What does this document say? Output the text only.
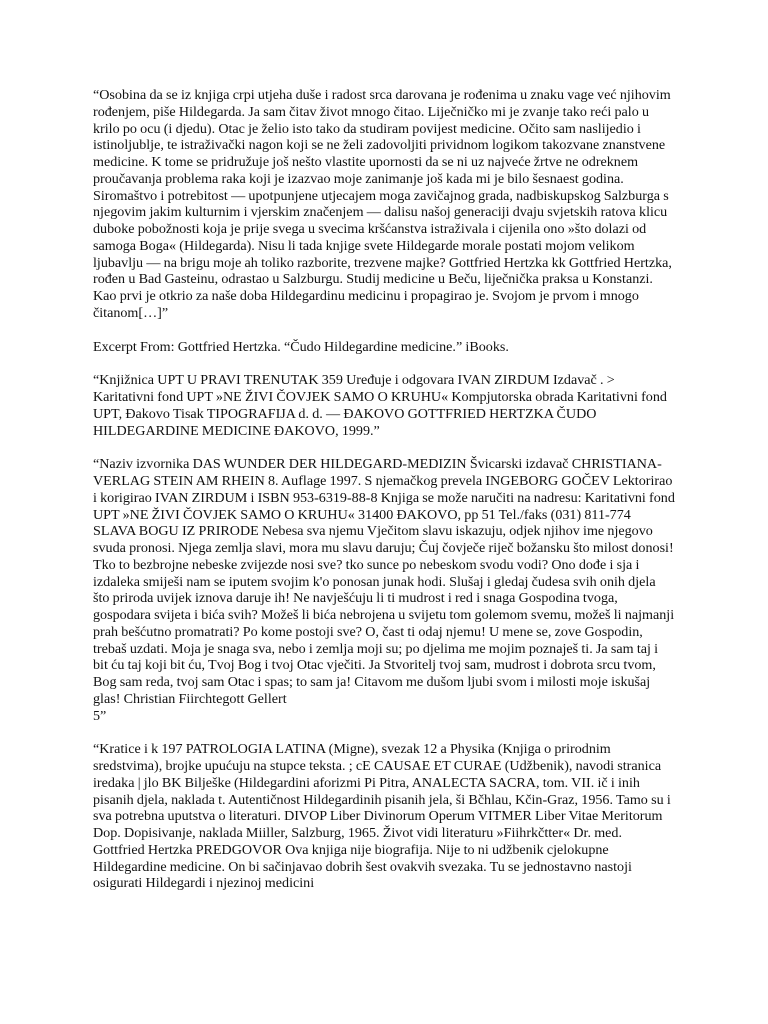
“Osobina da se iz knjiga crpi utjeha duše i radost srca darovana je rođenima u znaku vage već njihovim rođenjem, piše Hildegarda. Ja sam čitav život mnogo čitao. Liječničko mi je zvanje tako reći palo u krilo po ocu (i djedu). Otac je želio isto tako da studiram povijest medicine. Očito sam naslijedio i istinoljublje, te istraživački nagon koji se ne želi zadovoljiti prividnom logikom takozvane znanstvene medicine. K tome se pridružuje još nešto vlastite upornosti da se ni uz najveće žrtve ne odreknem proučavanja problema raka koji je izazvao moje zanimanje još kada mi je bilo šesnaest godina. Siromaštvo i potrebitost — upotpunjene utjecajem moga zavičajnog grada, nadbiskupskog Salzburga s njegovim jakim kulturnim i vjerskim značenjem — dalisu našoj generaciji dvaju svjetskih ratova klicu duboke pobožnosti koja je prije svega u svecima kršćanstva istraživala i cijenila ono »što dolazi od samoga Boga« (Hildegarda). Nisu li tada knjige svete Hildegarde morale postati mojom velikom ljubavlju — na brigu moje ah toliko razborite, trezvene majke? Gottfried Hertzka kk Gottfried Hertzka, rođen u Bad Gasteinu, odrastao u Salzburgu. Studij medicine u Beču, liječnička praksa u Konstanzi. Kao prvi je otkrio za naše doba Hildegardinu medicinu i propagirao je. Svojom je prvom i mnogo čitanom[…]”

Excerpt From: Gottfried Hertzka. “Čudo Hildegardine medicine.” iBooks.

“Knjižnica UPT U PRAVI TRENUTAK 359 Uređuje i odgovara IVAN ZIRDUM Izdavač . > Karitativni fond UPT »NE ŽIVI ČOVJEK SAMO O KRUHU« Kompjutorska obrada Karitativni fond UPT, Đakovo Tisak TIPOGRAFIJA d. d. — ĐAKOVO GOTTFRIED HERTZKA ČUDO HILDEGARDINE MEDICINE ĐAKOVO, 1999.”

“Naziv izvornika DAS WUNDER DER HILDEGARD-MEDIZIN Švicarski izdavač CHRISTIANA-VERLAG STEIN AM RHEIN 8. Auflage 1997. S njemačkog prevela INGEBORG GOČEV Lektorirao i korigirao IVAN ZIRDUM i ISBN 953-6319-88-8 Knjiga se može naručiti na nadresu: Karitativni fond UPT »NE ŽIVI ČOVJEK SAMO O KRUHU« 31400 ĐAKOVO, pp 51 Tel./faks (031) 811-774 SLAVA BOGU IZ PRIRODE Nebesa sva njemu Vječitom slavu iskazuju, odjek njihov ime njegovo svuda pronosi. Njega zemlja slavi, mora mu slavu daruju; Čuj čovječe riječ božansku što milost donosi! Tko to bezbrojne nebeske zvijezde nosi sve? tko sunce po nebeskom svodu vodi? Ono dođe i sja i izdaleka smiješi nam se iputem svojim k'o ponosan junak hodi. Slušaj i gledaj čudesa svih onih djela što priroda uvijek iznova daruje ih! Ne navješćuju li ti mudrost i red i snaga Gospodina tvoga, gospodara svijeta i bića svih? Možeš li bića nebrojena u svijetu tom golemom svemu, možeš li najmanji prah bešćutno promatrati? Po kome postoji sve? O, čast ti odaj njemu! U mene se, zove Gospodin, trebaš uzdati. Moja je snaga sva, nebo i zemlja moji su; po djelima me mojim poznaješ ti. Ja sam taj i bit ću taj koji bit ću, Tvoj Bog i tvoj Otac vječiti. Ja Stvoritelj tvoj sam, mudrost i dobrota srcu tvom, Bog sam reda, tvoj sam Otac i spas; to sam ja! Citavom me dušom ljubi svom i milosti moje iskušaj glas! Christian Fiirchtegott Gellert
5”

“Kratice i k 197 PATROLOGIA LATINA (Migne), svezak 12 a Physika (Knjiga o prirodnim sredstvima), brojke upućuju na stupce teksta. ; cE CAUSAE ET CURAE (Udžbenik), navodi stranica iredaka | jlo BK Bilješke (Hildegardini aforizmi Pi Pitra, ANALECTA SACRA, tom. VII. ič i inih pisanih djela, naklada t. Autentičnost Hildegardinih pisanih jela, ši Bčhlau, Kčin-Graz, 1956. Tamo su i sva potrebna uputstva o literaturi. DIVOP Liber Divinorum Operum VITMER Liber Vitae Meritorum Dop. Dopisivanje, naklada Miiller, Salzburg, 1965. Život vidi literaturu »Fiihrkčtter« Dr. med. Gottfried Hertzka PREDGOVOR Ova knjiga nije biografija. Nije to ni udžbenik cjelokupne Hildegardine medicine. On bi sačinjavao dobrih šest ovakvih svezaka. Tu se jednostavno nastoji osigurati Hildegardi i njezinoj medicini
